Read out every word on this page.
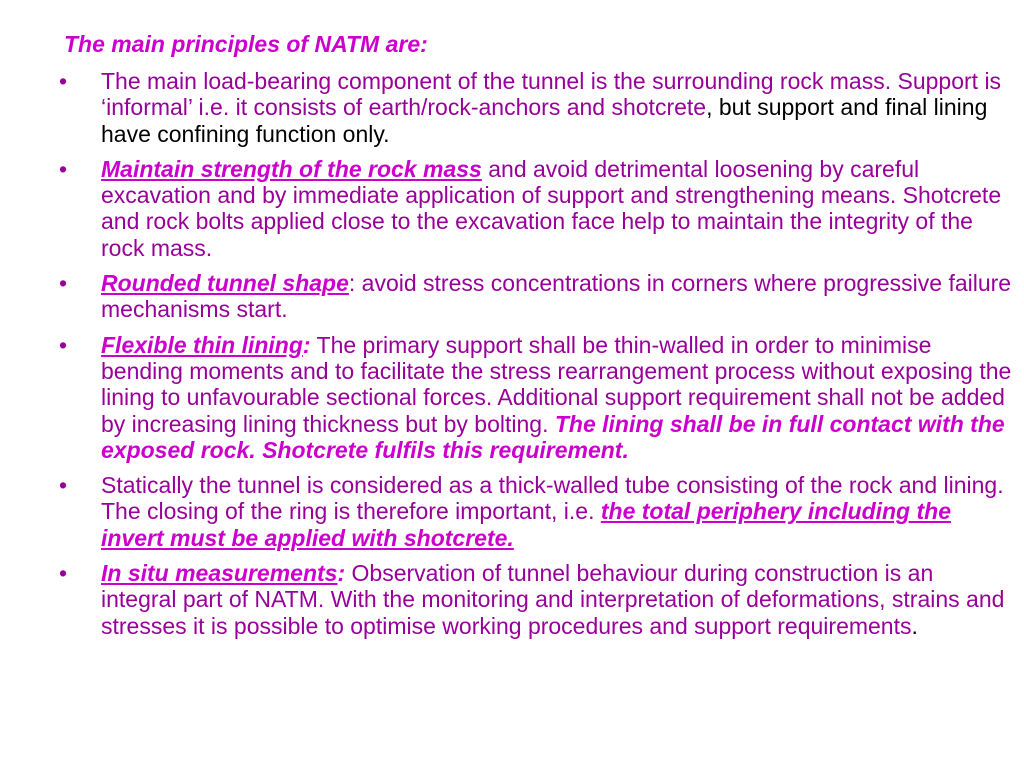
The main principles of NATM are:
• The main load-bearing component of the tunnel is the surrounding rock mass. Support is ‘informal’ i.e. it consists of earth/rock-anchors and shotcrete, but support and final lining have confining function only.
• Maintain strength of the rock mass and avoid detrimental loosening by careful excavation and by immediate application of support and strengthening means. Shotcrete and rock bolts applied close to the excavation face help to maintain the integrity of the rock mass.
• Rounded tunnel shape: avoid stress concentrations in corners where progressive failure mechanisms start.
• Flexible thin lining: The primary support shall be thin-walled in order to minimise bending moments and to facilitate the stress rearrangement process without exposing the lining to unfavourable sectional forces. Additional support requirement shall not be added by increasing lining thickness but by bolting. The lining shall be in full contact with the exposed rock. Shotcrete fulfils this requirement.
• Statically the tunnel is considered as a thick-walled tube consisting of the rock and lining. The closing of the ring is therefore important, i.e. the total periphery including the invert must be applied with shotcrete.
• In situ measurements: Observation of tunnel behaviour during construction is an integral part of NATM. With the monitoring and interpretation of deformations, strains and stresses it is possible to optimise working procedures and support requirements.
